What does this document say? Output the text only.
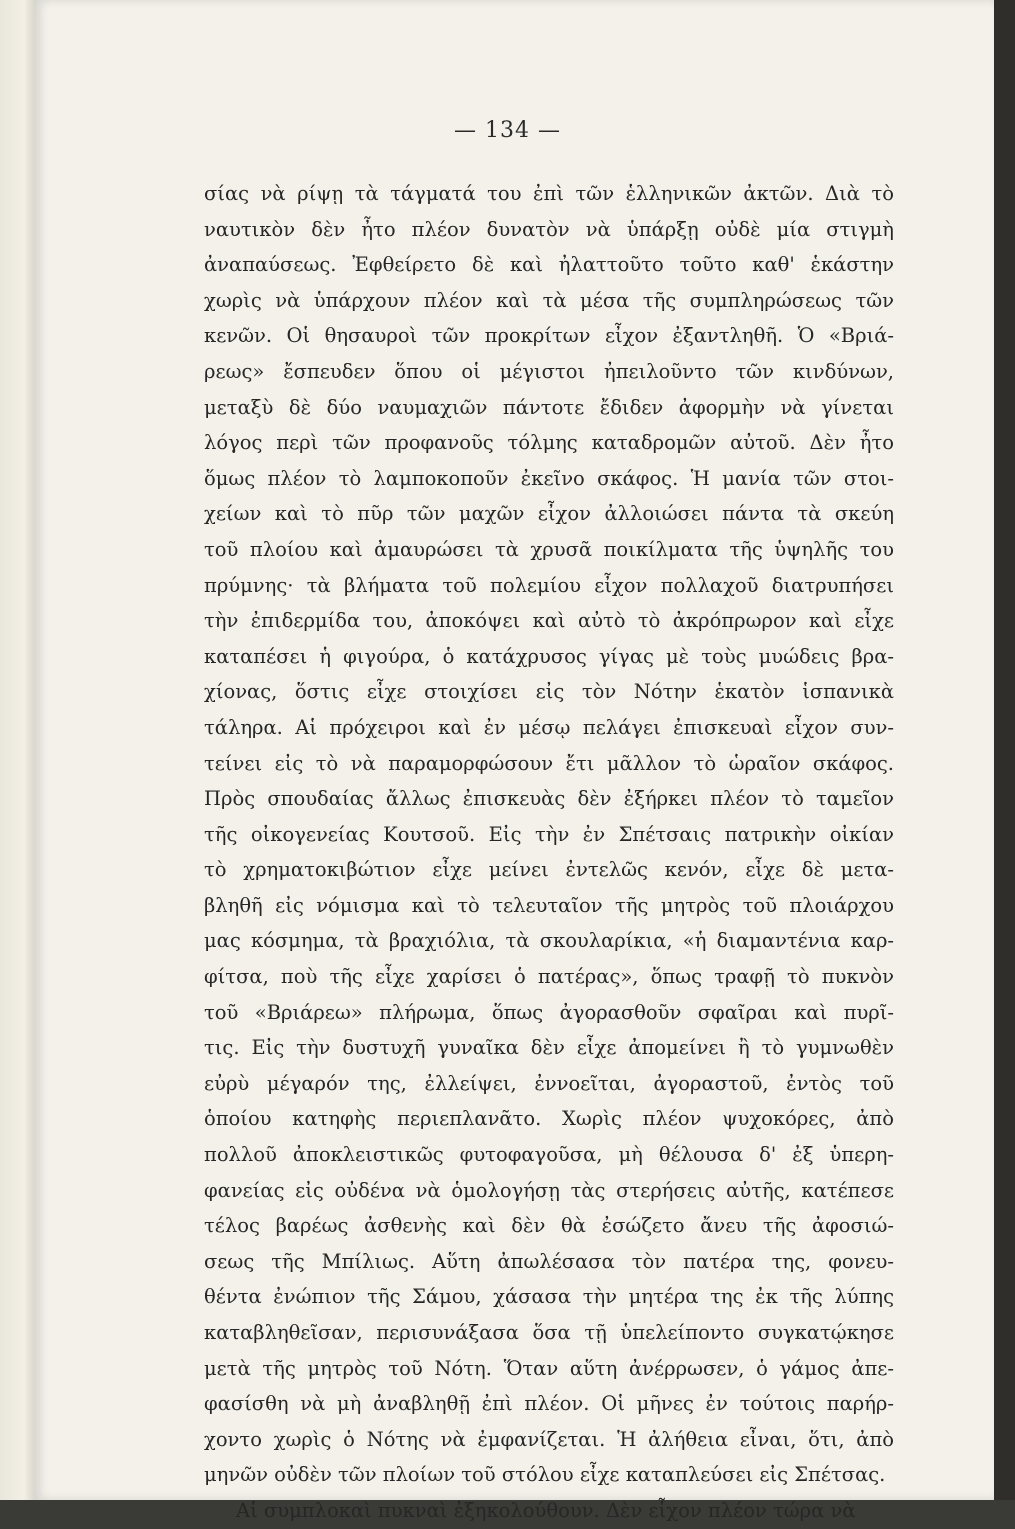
— 134 —
σίας νὰ ρίψῃ τὰ τάγματά του ἐπὶ τῶν ἑλληνικῶν ἀκτῶν. Διὰ τὸ
ναυτικὸν δὲν ἦτο πλέον δυνατὸν νὰ ὑπάρξῃ οὐδὲ μία στιγμὴ
ἀναπαύσεως. Ἐφθείρετο δὲ καὶ ἠλαττοῦτο τοῦτο καθ' ἑκάστην
χωρὶς νὰ ὑπάρχουν πλέον καὶ τὰ μέσα τῆς συμπληρώσεως τῶν
κενῶν. Οἱ θησαυροὶ τῶν προκρίτων εἶχον ἐξαντληθῆ. Ὁ «Βριά-
ρεως» ἔσπευδεν ὅπου οἱ μέγιστοι ἠπειλοῦντο τῶν κινδύνων,
μεταξὺ δὲ δύο ναυμαχιῶν πάντοτε ἔδιδεν ἀφορμὴν νὰ γίνεται
λόγος περὶ τῶν προφανοῦς τόλμης καταδρομῶν αὐτοῦ. Δὲν ἦτο
ὅμως πλέον τὸ λαμποκοποῦν ἐκεῖνο σκάφος. Ἡ μανία τῶν στοι-
χείων καὶ τὸ πῦρ τῶν μαχῶν εἶχον ἀλλοιώσει πάντα τὰ σκεύη
τοῦ πλοίου καὶ ἀμαυρώσει τὰ χρυσᾶ ποικίλματα τῆς ὑψηλῆς του
πρύμνης· τὰ βλήματα τοῦ πολεμίου εἶχον πολλαχοῦ διατρυπήσει
τὴν ἐπιδερμίδα του, ἀποκόψει καὶ αὐτὸ τὸ ἀκρόπρωρον καὶ εἶχε
καταπέσει ἡ φιγούρα, ὁ κατάχρυσος γίγας μὲ τοὺς μυώδεις βρα-
χίονας, ὅστις εἶχε στοιχίσει εἰς τὸν Νότην ἑκατὸν ἱσπανικὰ
τάληρα. Αἱ πρόχειροι καὶ ἐν μέσῳ πελάγει ἐπισκευαὶ εἶχον συν-
τείνει εἰς τὸ νὰ παραμορφώσουν ἔτι μᾶλλον τὸ ὡραῖον σκάφος.
Πρὸς σπουδαίας ἄλλως ἐπισκευὰς δὲν ἐξήρκει πλέον τὸ ταμεῖον
τῆς οἰκογενείας Κουτσοῦ. Εἰς τὴν ἐν Σπέτσαις πατρικὴν οἰκίαν
τὸ χρηματοκιβώτιον εἶχε μείνει ἐντελῶς κενόν, εἶχε δὲ μετα-
βληθῆ εἰς νόμισμα καὶ τὸ τελευταῖον τῆς μητρὸς τοῦ πλοιάρχου
μας κόσμημα, τὰ βραχιόλια, τὰ σκουλαρίκια, «ἡ διαμαντένια καρ-
φίτσα, ποὺ τῆς εἶχε χαρίσει ὁ πατέρας», ὅπως τραφῇ τὸ πυκνὸν
τοῦ «Βριάρεω» πλήρωμα, ὅπως ἀγορασθοῦν σφαῖραι καὶ πυρῖ-
τις. Εἰς τὴν δυστυχῆ γυναῖκα δὲν εἶχε ἀπομείνει ἢ τὸ γυμνωθὲν
εὐρὺ μέγαρόν της, ἐλλείψει, ἐννοεῖται, ἀγοραστοῦ, ἐντὸς τοῦ
ὁποίου κατηφὴς περιεπλανᾶτο. Χωρὶς πλέον ψυχοκόρες, ἀπὸ
πολλοῦ ἀποκλειστικῶς φυτοφαγοῦσα, μὴ θέλουσα δ' ἐξ ὑπερη-
φανείας εἰς οὐδένα νὰ ὁμολογήσῃ τὰς στερήσεις αὐτῆς, κατέπεσε
τέλος βαρέως ἀσθενὴς καὶ δὲν θὰ ἐσώζετο ἄνευ τῆς ἀφοσιώ-
σεως τῆς Μπίλιως. Αὕτη ἀπωλέσασα τὸν πατέρα της, φονευ-
θέντα ἐνώπιον τῆς Σάμου, χάσασα τὴν μητέρα της ἐκ τῆς λύπης
καταβληθεῖσαν, περισυνάξασα ὅσα τῇ ὑπελείποντο συγκατῴκησε
μετὰ τῆς μητρὸς τοῦ Νότη. Ὅταν αὕτη ἀνέρρωσεν, ὁ γάμος ἀπε-
φασίσθη νὰ μὴ ἀναβληθῇ ἐπὶ πλέον. Οἱ μῆνες ἐν τούτοις παρήρ-
χοντο χωρὶς ὁ Νότης νὰ ἐμφανίζεται. Ἡ ἀλήθεια εἶναι, ὅτι, ἀπὸ
μηνῶν οὐδὲν τῶν πλοίων τοῦ στόλου εἶχε καταπλεύσει εἰς Σπέτσας.
Αἱ συμπλοκαὶ πυκναὶ ἐξηκολούθουν. Δὲν εἶχον πλέον τώρα νὰ
